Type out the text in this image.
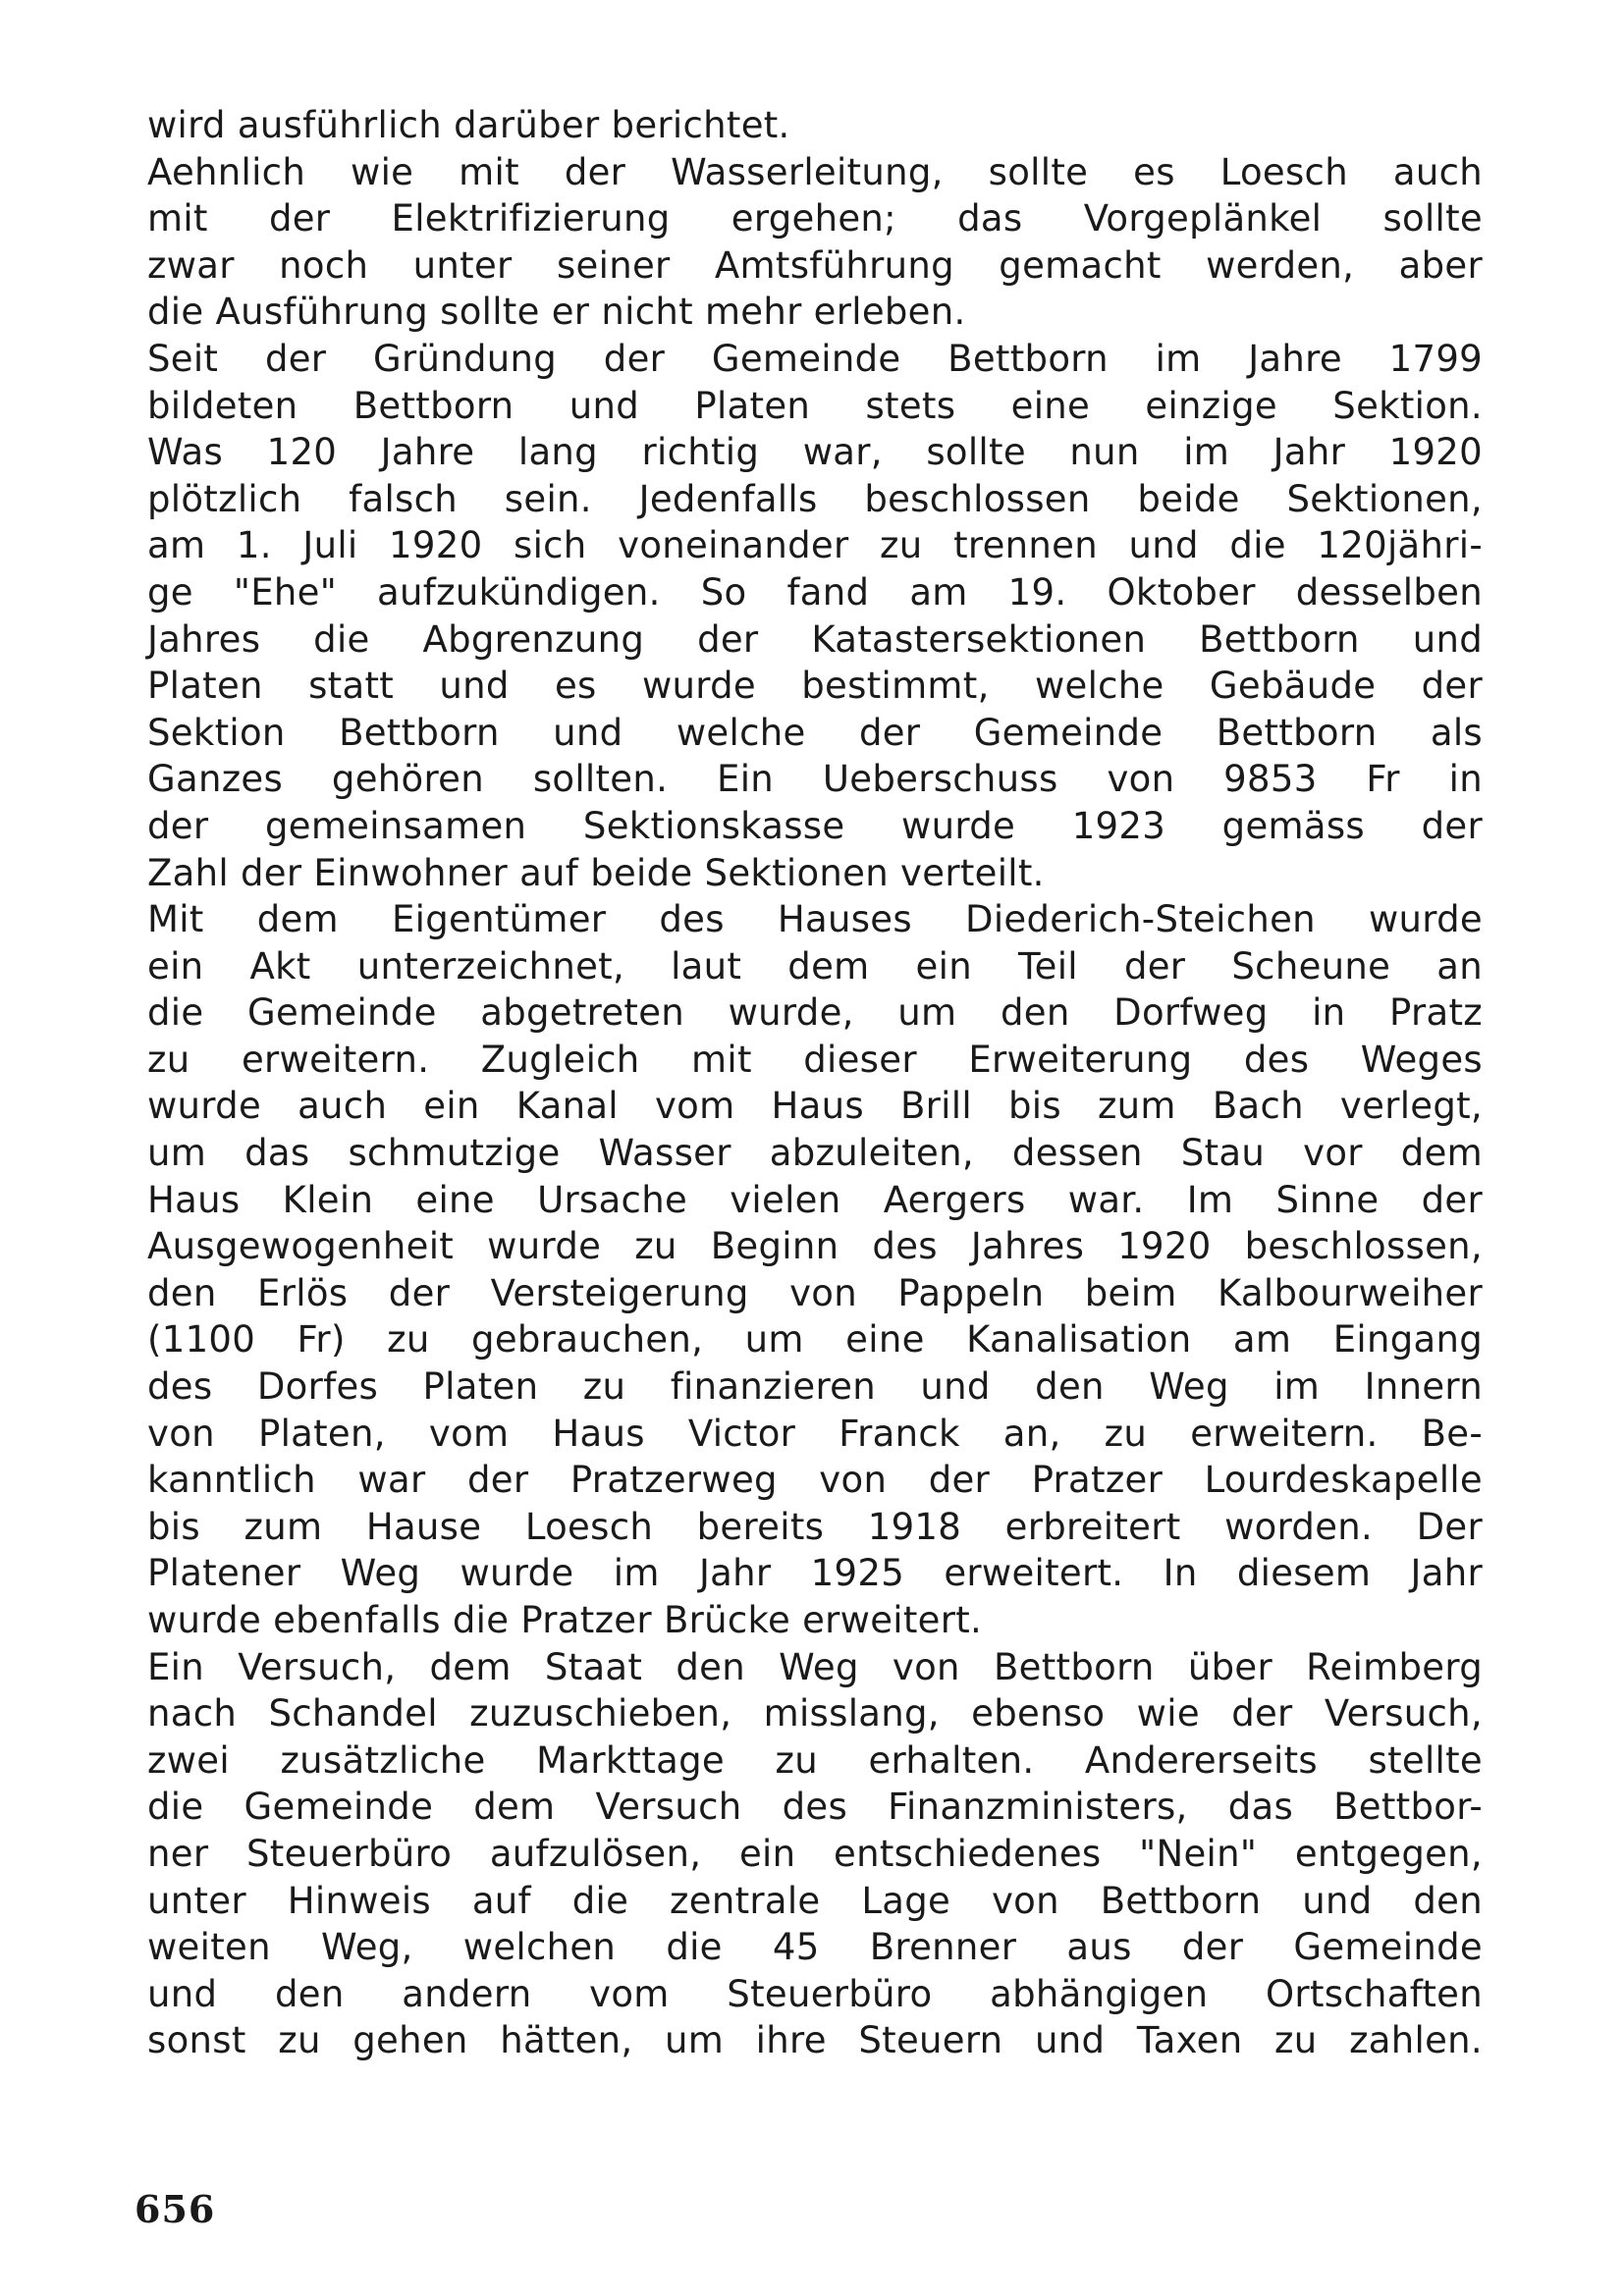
wird ausführlich darüber berichtet.
Aehnlich wie mit der Wasserleitung, sollte es Loesch auch
mit der Elektrifizierung ergehen; das Vorgeplänkel sollte
zwar noch unter seiner Amtsführung gemacht werden, aber
die Ausführung sollte er nicht mehr erleben.
Seit der Gründung der Gemeinde Bettborn im Jahre 1799
bildeten Bettborn und Platen stets eine einzige Sektion.
Was 120 Jahre lang richtig war, sollte nun im Jahr 1920
plötzlich falsch sein. Jedenfalls beschlossen beide Sektionen,
am 1. Juli 1920 sich voneinander zu trennen und die 120jähri-
ge "Ehe" aufzukündigen. So fand am 19. Oktober desselben
Jahres die Abgrenzung der Katastersektionen Bettborn und
Platen statt und es wurde bestimmt, welche Gebäude der
Sektion Bettborn und welche der Gemeinde Bettborn als
Ganzes gehören sollten. Ein Ueberschuss von 9853 Fr in
der gemeinsamen Sektionskasse wurde 1923 gemäss der
Zahl der Einwohner auf beide Sektionen verteilt.
Mit dem Eigentümer des Hauses Diederich-Steichen wurde
ein Akt unterzeichnet, laut dem ein Teil der Scheune an
die Gemeinde abgetreten wurde, um den Dorfweg in Pratz
zu erweitern. Zugleich mit dieser Erweiterung des Weges
wurde auch ein Kanal vom Haus Brill bis zum Bach verlegt,
um das schmutzige Wasser abzuleiten, dessen Stau vor dem
Haus Klein eine Ursache vielen Aergers war. Im Sinne der
Ausgewogenheit wurde zu Beginn des Jahres 1920 beschlossen,
den Erlös der Versteigerung von Pappeln beim Kalbourweiher
(1100 Fr) zu gebrauchen, um eine Kanalisation am Eingang
des Dorfes Platen zu finanzieren und den Weg im Innern
von Platen, vom Haus Victor Franck an, zu erweitern. Be-
kanntlich war der Pratzerweg von der Pratzer Lourdeskapelle
bis zum Hause Loesch bereits 1918 erbreitert worden. Der
Platener Weg wurde im Jahr 1925 erweitert. In diesem Jahr
wurde ebenfalls die Pratzer Brücke erweitert.
Ein Versuch, dem Staat den Weg von Bettborn über Reimberg
nach Schandel zuzuschieben, misslang, ebenso wie der Versuch,
zwei zusätzliche Markttage zu erhalten. Andererseits stellte
die Gemeinde dem Versuch des Finanzministers, das Bettbor-
ner Steuerbüro aufzulösen, ein entschiedenes "Nein" entgegen,
unter Hinweis auf die zentrale Lage von Bettborn und den
weiten Weg, welchen die 45 Brenner aus der Gemeinde
und den andern vom Steuerbüro abhängigen Ortschaften
sonst zu gehen hätten, um ihre Steuern und Taxen zu zahlen.
656
